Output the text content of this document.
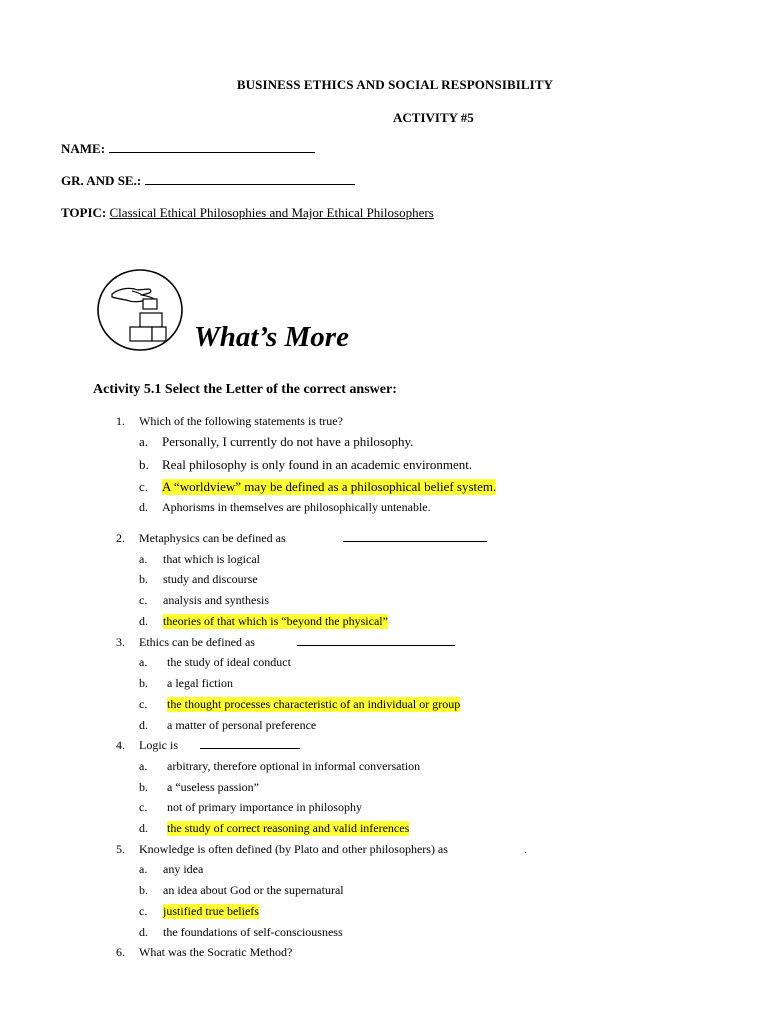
BUSINESS ETHICS AND SOCIAL RESPONSIBILITY
ACTIVITY #5
NAME:
GR. AND SE.:
TOPIC: Classical Ethical Philosophies and Major Ethical Philosophers
What’s More
Activity 5.1 Select the Letter of the correct answer:
1. Which of the following statements is true?
a. Personally, I currently do not have a philosophy.
b. Real philosophy is only found in an academic environment.
c. A “worldview” may be defined as a philosophical belief system.
d. Aphorisms in themselves are philosophically untenable.
2. Metaphysics can be defined as
a. that which is logical
b. study and discourse
c. analysis and synthesis
d. theories of that which is “beyond the physical”
3. Ethics can be defined as
a. the study of ideal conduct
b. a legal fiction
c. the thought processes characteristic of an individual or group
d. a matter of personal preference
4. Logic is
a. arbitrary, therefore optional in informal conversation
b. a “useless passion”
c. not of primary importance in philosophy
d. the study of correct reasoning and valid inferences
5. Knowledge is often defined (by Plato and other philosophers) as	.
a. any idea
b. an idea about God or the supernatural
c. justified true beliefs
d. the foundations of self-consciousness
6. What was the Socratic Method?
